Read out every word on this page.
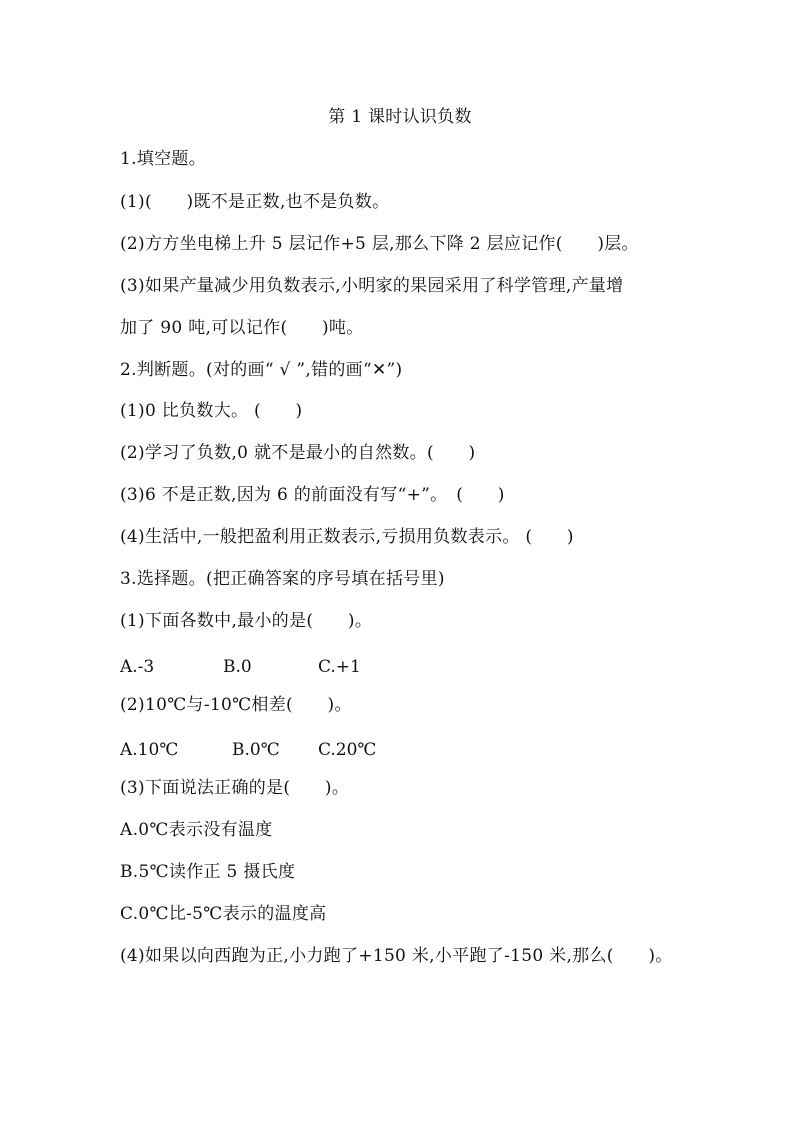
第 1 课时认识负数
1.填空题。
(1)(　　)既不是正数,也不是负数。
(2)方方坐电梯上升 5 层记作+5 层,那么下降 2 层应记作(　　)层。
(3)如果产量减少用负数表示,小明家的果园采用了科学管理,产量增
加了 90 吨,可以记作(　　)吨。
2.判断题。(对的画“ √ ”,错的画“✕”)
(1)0 比负数大。 (　　)
(2)学习了负数,0 就不是最小的自然数。(　　)
(3)6 不是正数,因为 6 的前面没有写“+”。　(　　)
(4)生活中,一般把盈利用正数表示,亏损用负数表示。 (　　)
3.选择题。(把正确答案的序号填在括号里)
(1)下面各数中,最小的是(　　)。
A.-3	B.0	C.+1
(2)10℃与-10℃相差(　　)。
A.10℃	B.0℃ C.20℃
(3)下面说法正确的是(　　)。
A.0℃表示没有温度
B.5℃读作正 5 摄氏度
C.0℃比-5℃表示的温度高
(4)如果以向西跑为正,小力跑了+150 米,小平跑了-150 米,那么(　　)。
